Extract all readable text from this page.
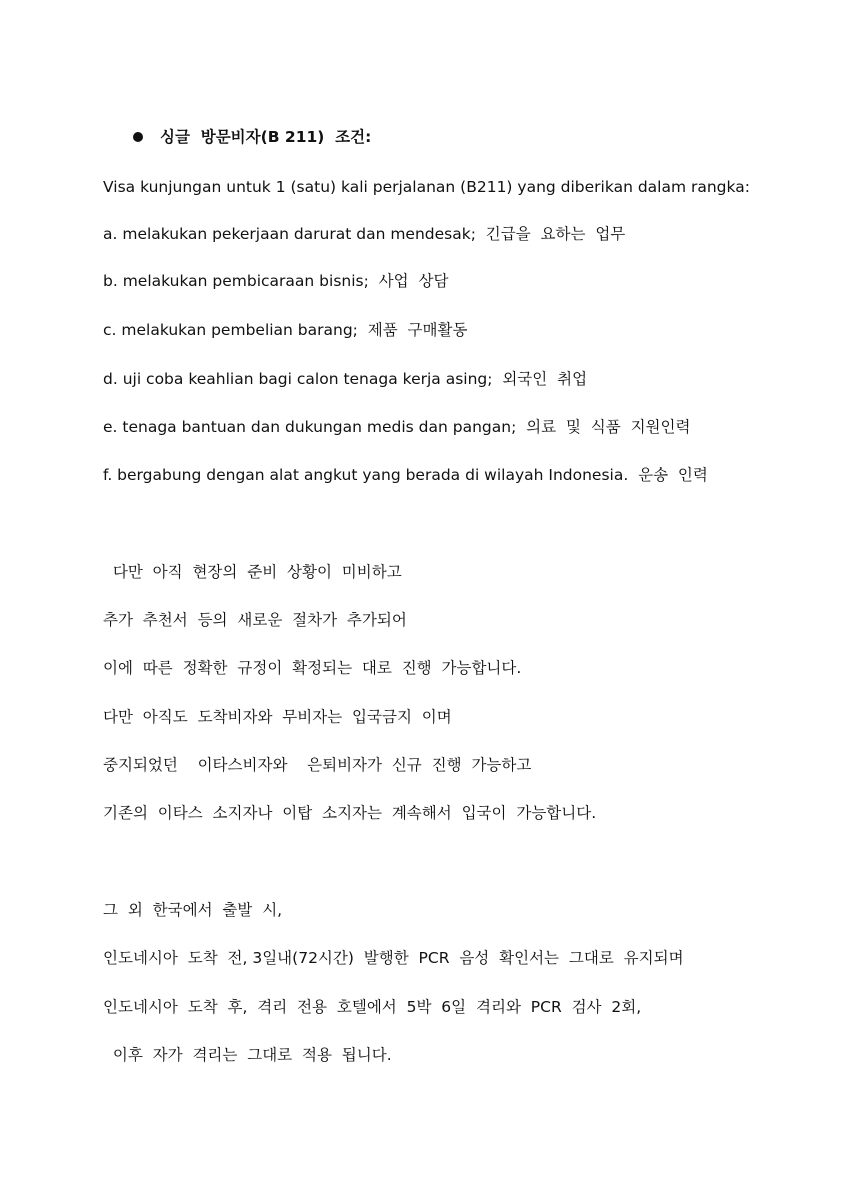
싱글  방문비자(B 211)  조건:
Visa kunjungan untuk 1 (satu) kali perjalanan (B211) yang diberikan dalam rangka:
a. melakukan pekerjaan darurat dan mendesak;  긴급을  요하는  업무
b. melakukan pembicaraan bisnis;  사업  상담
c. melakukan pembelian barang;  제품  구매활동
d. uji coba keahlian bagi calon tenaga kerja asing;  외국인  취업
e. tenaga bantuan dan dukungan medis dan pangan;  의료  및  식품  지원인력
f. bergabung dengan alat angkut yang berada di wilayah Indonesia.  운송  인력
다만  아직  현장의  준비  상황이  미비하고
추가  추천서  등의  새로운  절차가  추가되어
이에  따른  정확한  규정이  확정되는  대로  진행  가능합니다.
다만  아직도  도착비자와  무비자는  입국금지  이며
중지되었던    이타스비자와    은퇴비자가  신규  진행  가능하고
기존의  이타스  소지자나  이탑  소지자는  계속해서  입국이  가능합니다.
그  외  한국에서  출발  시,
인도네시아  도착  전, 3일내(72시간)  발행한  PCR  음성  확인서는  그대로  유지되며
인도네시아  도착  후,  격리  전용  호텔에서  5박  6일  격리와  PCR  검사  2회,
이후  자가  격리는  그대로  적용  됩니다.
